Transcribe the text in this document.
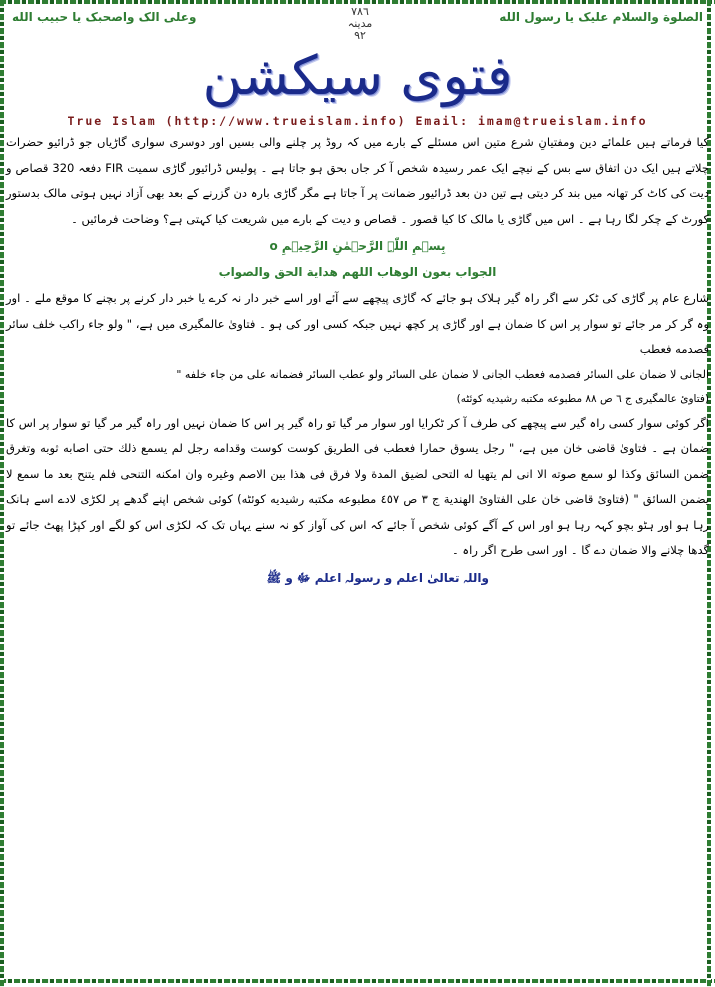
وعلى الک واصحبک يا حبيب الله	٧٨٦
مدینہ
٩٢
الصلوة والسلام عليک يا رسول الله
فتوی سیکشن
True Islam (http://www.trueislam.info) Email: imam@trueislam.info

کیا فرماتے ہیں علمائے دین ومفتیانِ شرع متین اس مسئلے کے بارے میں کہ روڈ پر چلنے والی بسیں اور دوسری سواری گاڑیاں جو ڈرائیو حضرات چلاتے ہیں ایک دن اتفاق سے بس کے نیچے ایک عمر رسیدہ شخص آ کر جاں بحق ہو جاتا ہے ۔ پولیس ڈرائیور گاڑی سمیت FIR دفعہ 320 قصاص و دیت کی کاٹ کر تھانہ میں بند کر دیتی ہے تین دن بعد ڈرائیور ضمانت پر آ جاتا ہے مگر گاڑی بارہ دن گزرنے کے بعد بھی آزاد نہیں ہوتی مالک بدستور کورٹ کے چکر لگا رہا ہے ۔ اس میں گاڑی یا مالک کا کیا قصور ۔ قصاص و دیت کے بارے میں شریعت کیا کہتی ہے؟ وضاحت فرمائیں ۔

بِسۡمِ اللّٰہِ الرَّحۡمٰنِ الرَّحِیۡمِ o

الجواب بعون الوهاب اللهم هداية الحق والصواب

شارع عام پر گاڑی کی ٹکر سے اگر راہ گیر ہلاک ہو جائے کہ گاڑی پیچھے سے آئے اور اسے خبر دار نہ کرے یا خبر دار کرنے پر بچنے کا موقع ملے ۔ اور وہ گر کر مر جائے تو سوار پر اس کا ضمان ہے اور گاڑی پر کچھ نہیں جبکہ کسی اور کی ہو ۔ فتاویٰ عالمگیری میں ہے، " ولو جاء راکب خلف سائر فصدمه فعطب

الجانی لا ضمان علی السائر فصدمه فعطب الجانی لا ضمان علی السائر ولو عطب السائر فضمانه علی من جاء خلفه "

(فتاوئ عالمگیری ج ٦ ص ٨٨ مطبوعه مکتبه رشیدیه کوئٹه)

اگر کوئی سوار کسی راہ گیر سے پیچھے کی طرف آ کر ٹکرایا اور سوار مر گیا تو راہ گیر پر اس کا ضمان نہیں اور راہ گیر مر گیا تو سوار پر اس کا ضمان ہے ۔ فتاویٰ قاضی خان میں ہے، " رجل یسوق حمارا فعطب فی الطریق کوست کوست وقدامه رجل لم یسمع ذلك حتی اصابه ثوبه وتغرق ضمن السائق وکذا لو سمع صوته الا انی لم یتهیا له التحی لضیق المدة ولا فرق فی هذا بین الاصم وغیره وان امکنه التنحی فلم یتنح بعد ما سمع لا یضمن السائق " (فتاوئ قاضی خان علی الفتاوئ الهندیة ج ٣ ص ٤٥٧ مطبوعه مکتبه رشیدیه کوئٹه) کوئی شخص اپنے گدھے پر لکڑی لادے اسے ہانک رہا ہو اور ہٹو بچو کہہ رہا ہو اور اس کے آگے کوئی شخص آ جائے کہ اس کی آواز کو نہ سنے یہاں تک کہ لکڑی اس کو لگے اور کپڑا پھٹ جائے تو گدھا چلانے والا ضمان دے گا ۔ اور اسی طرح اگر راہ ۔

واللہ تعالیٰ اعلم و رسولہ اعلم ﷻ و ﷺ
